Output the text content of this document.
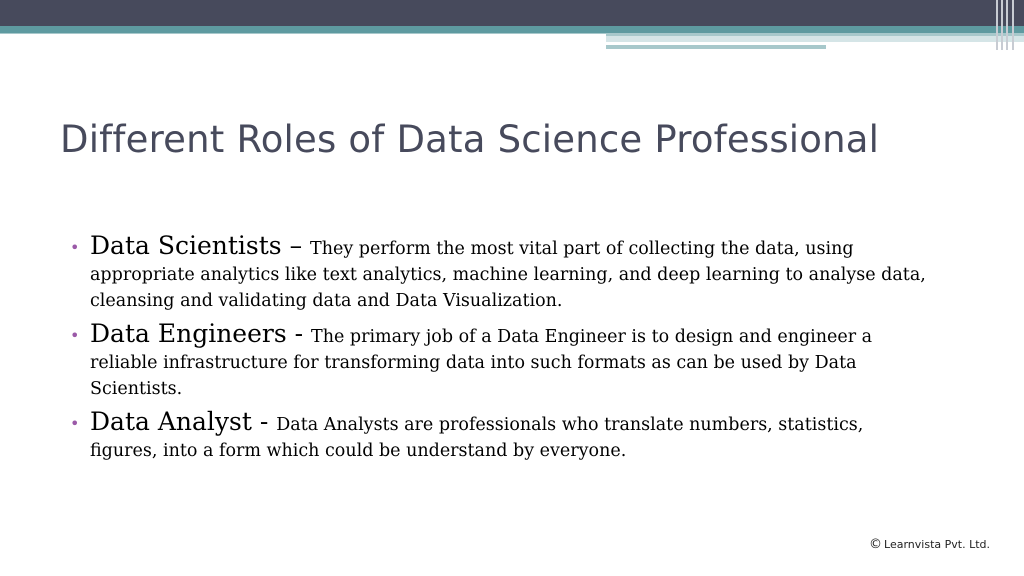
Different Roles of Data Science Professional
• Data Scientists – They perform the most vital part of collecting the data, using appropriate analytics like text analytics, machine learning, and deep learning to analyse data, cleansing and validating data and Data Visualization.
• Data Engineers - The primary job of a Data Engineer is to design and engineer a reliable infrastructure for transforming data into such formats as can be used by Data Scientists.
• Data Analyst - Data Analysts are professionals who translate numbers, statistics, figures, into a form which could be understand by everyone.
© Learnvista Pvt. Ltd.
